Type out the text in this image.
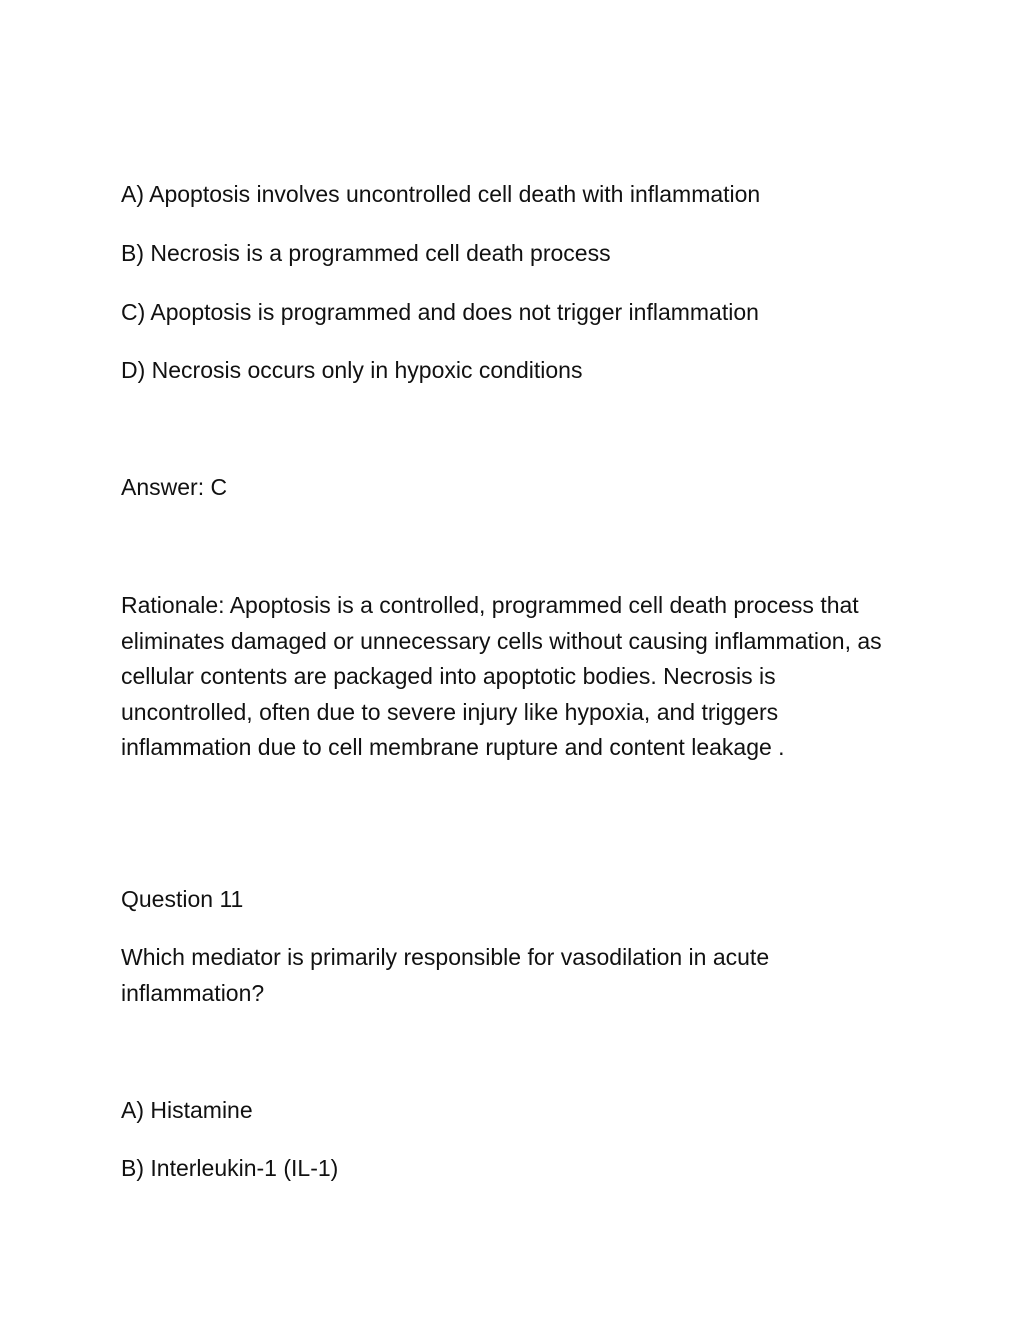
A) Apoptosis involves uncontrolled cell death with inflammation
B) Necrosis is a programmed cell death process
C) Apoptosis is programmed and does not trigger inflammation
D) Necrosis occurs only in hypoxic conditions
Answer: C
Rationale: Apoptosis is a controlled, programmed cell death process that eliminates damaged or unnecessary cells without causing inflammation, as cellular contents are packaged into apoptotic bodies. Necrosis is uncontrolled, often due to severe injury like hypoxia, and triggers inflammation due to cell membrane rupture and content leakage .
Question 11
Which mediator is primarily responsible for vasodilation in acute inflammation?
A) Histamine
B) Interleukin-1 (IL-1)
